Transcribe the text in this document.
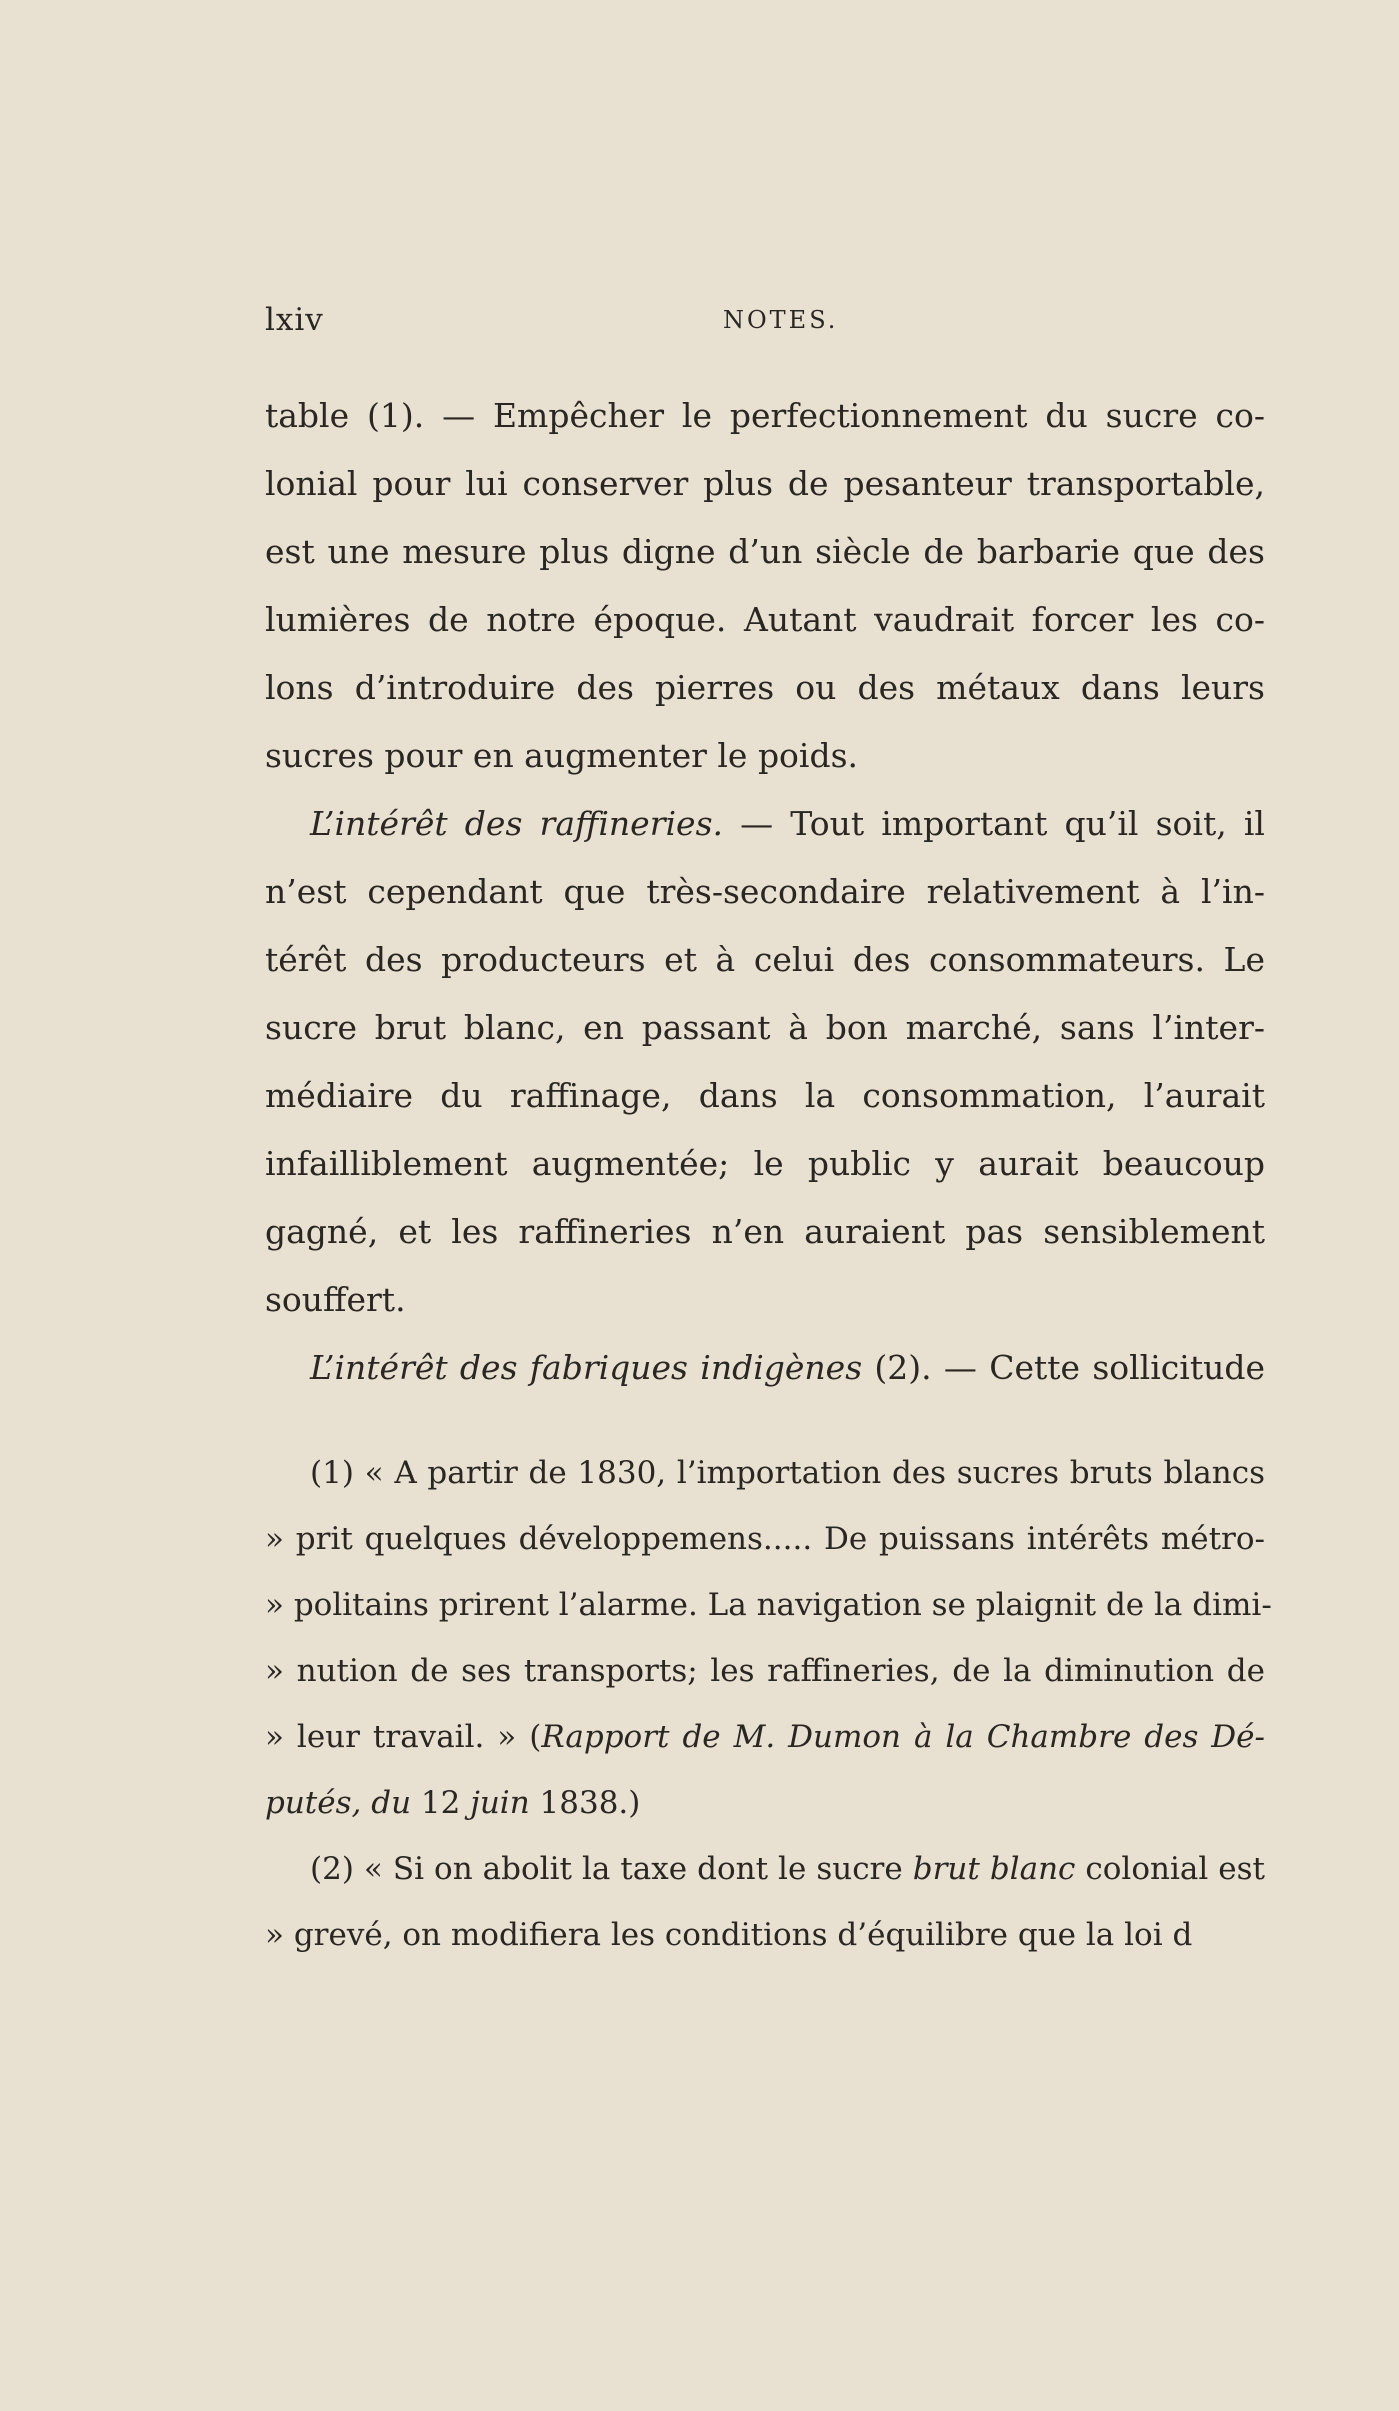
lxiv	NOTES.
table (1). — Empêcher le perfectionnement du sucre co-
lonial pour lui conserver plus de pesanteur transportable,
est une mesure plus digne d’un siècle de barbarie que des
lumières de notre époque. Autant vaudrait forcer les co-
lons d’introduire des pierres ou des métaux dans leurs
sucres pour en augmenter le poids.
L’intérêt des raffineries. — Tout important qu’il soit, il
n’est cependant que très-secondaire relativement à l’in-
térêt des producteurs et à celui des consommateurs. Le
sucre brut blanc, en passant à bon marché, sans l’inter-
médiaire du raffinage, dans la consommation, l’aurait
infailliblement augmentée; le public y aurait beaucoup
gagné, et les raffineries n’en auraient pas sensiblement
souffert.
L’intérêt des fabriques indigènes (2). — Cette sollicitude
(1) « A partir de 1830, l’importation des sucres bruts blancs
» prit quelques développemens..... De puissans intérêts métro-
» politains prirent l’alarme. La navigation se plaignit de la dimi-
» nution de ses transports; les raffineries, de la diminution de
» leur travail. » (Rapport de M. Dumon à la Chambre des Dé-
putés, du 12 juin 1838.)
(2) « Si on abolit la taxe dont le sucre brut blanc colonial est
» grevé, on modifiera les conditions d’équilibre que la loi d
